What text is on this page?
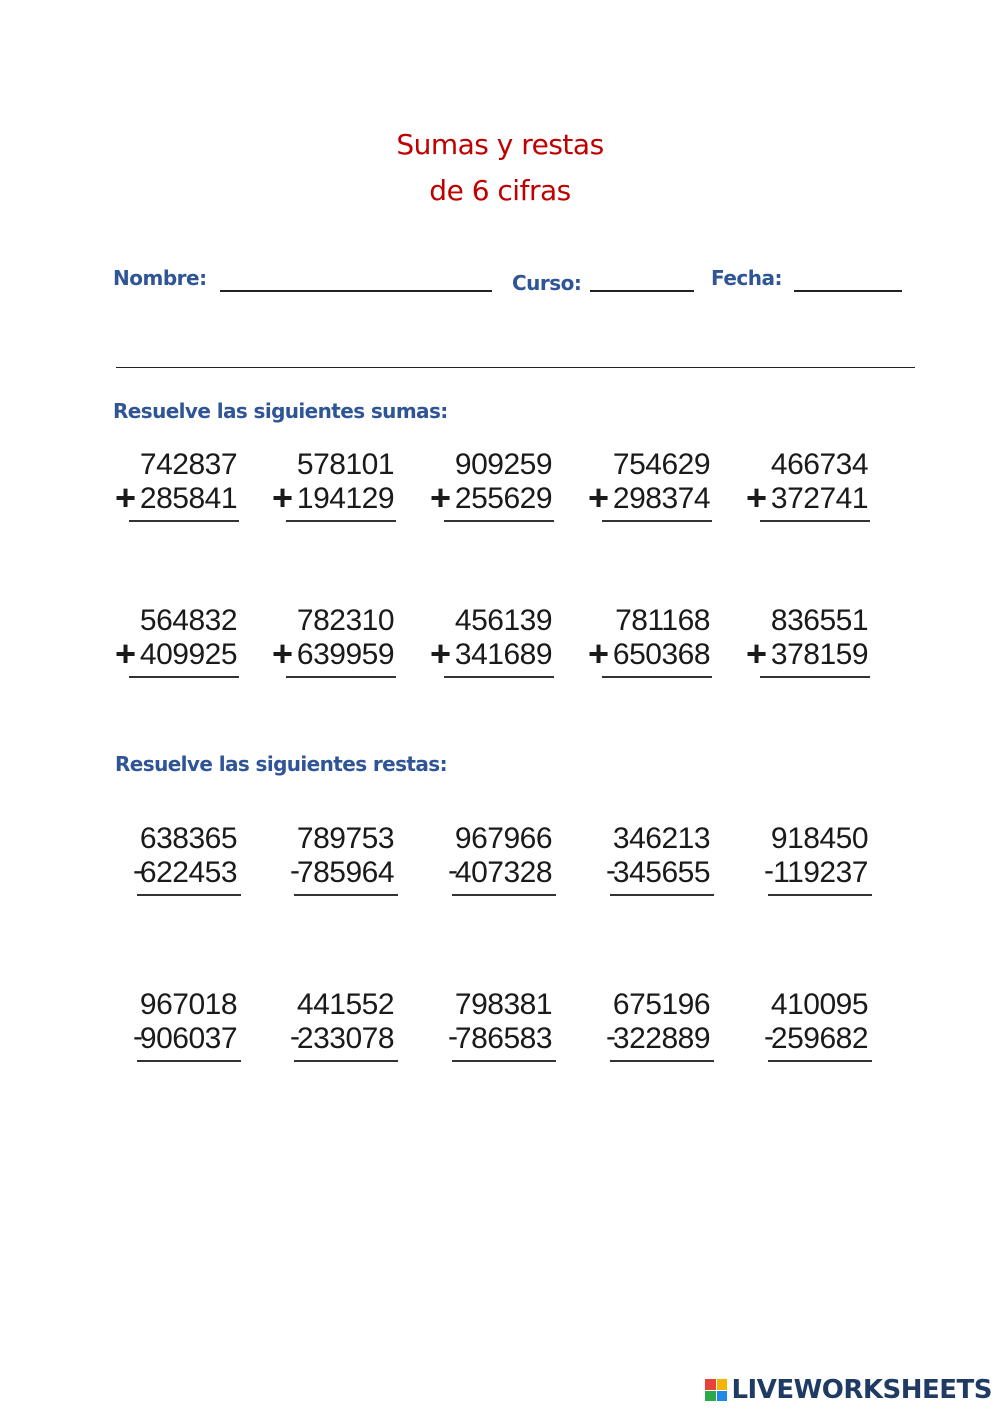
Sumas y restas
de 6 cifras
Nombre:	Curso:	Fecha:
Resuelve las siguientes sumas:
742837
+ 285841
578101
+ 194129
909259
+ 255629
754629
+ 298374
466734
+ 372741
564832
+ 409925
782310
+ 639959
456139
+ 341689
781168
+ 650368
836551
+ 378159
Resuelve las siguientes restas:
638365
-
622453
789753
-
785964
967966
-
407328
346213
-
345655
918450
- 119237
967018
-
906037
441552
-
233078
798381
-
786583
675196
-
322889
410095
-
259682
LIVEWORKSHEETS
